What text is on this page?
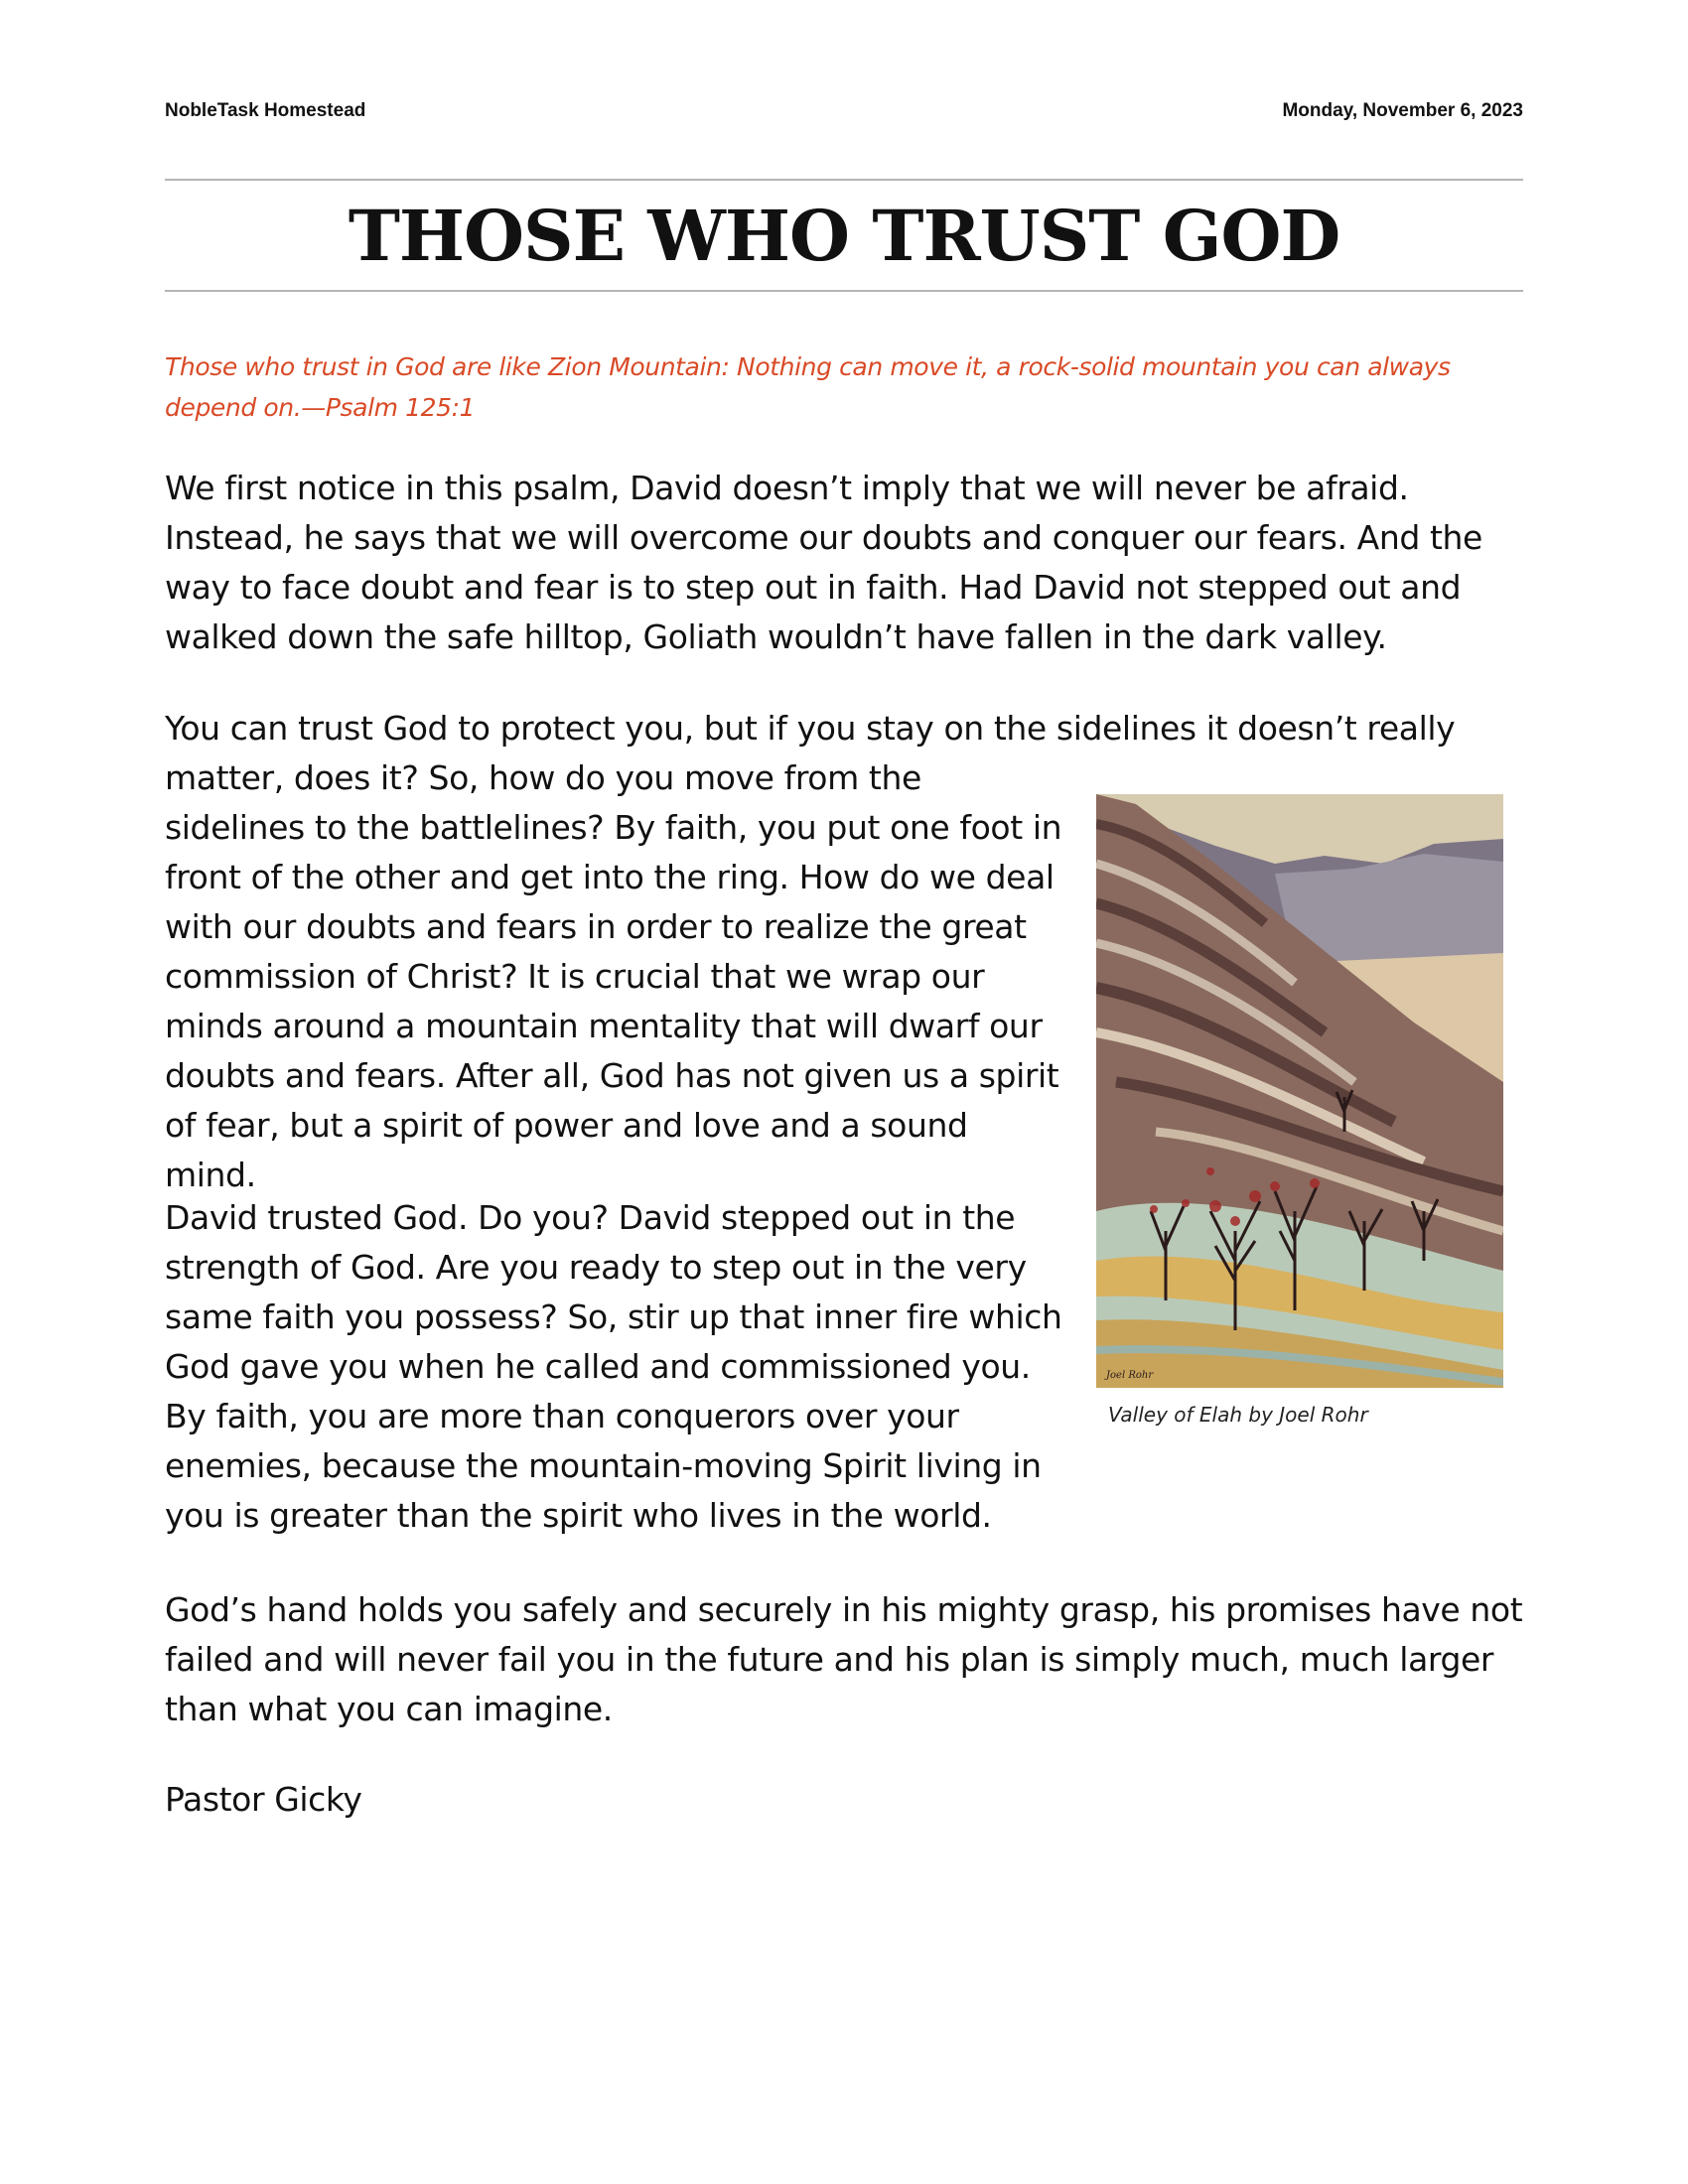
NobleTask Homestead	Monday, November 6, 2023
THOSE WHO TRUST GOD
Those who trust in God are like Zion Mountain: Nothing can move it, a rock-solid mountain you can always depend on.—Psalm 125:1

We first notice in this psalm, David doesn’t imply that we will never be afraid. Instead, he says that we will overcome our doubts and conquer our fears. And the way to face doubt and fear is to step out in faith. Had David not stepped out and walked down the safe hilltop, Goliath wouldn’t have fallen in the dark valley.

You can trust God to protect you, but if you stay on the sidelines it doesn’t really

matter, does it? So, how do you move from the sidelines to the battlelines? By faith, you put one foot in front of the other and get into the ring. How do we deal with our doubts and fears in order to realize the great commission of Christ? It is crucial that we wrap our minds around a mountain mentality that will dwarf our doubts and fears. After all, God has not given us a spirit of fear, but a spirit of power and love and a sound mind.

David trusted God. Do you? David stepped out in the strength of God. Are you ready to step out in the very same faith you possess? So, stir up that inner fire which God gave you when he called and commissioned you. By faith, you are more than conquerors over your enemies, because the mountain-moving Spirit living in you is greater than the spirit who lives in the world.

God’s hand holds you safely and securely in his mighty grasp, his promises have not failed and will never fail you in the future and his plan is simply much, much larger than what you can imagine.

Pastor Gicky

Joel Rohr
Valley of Elah by Joel Rohr
